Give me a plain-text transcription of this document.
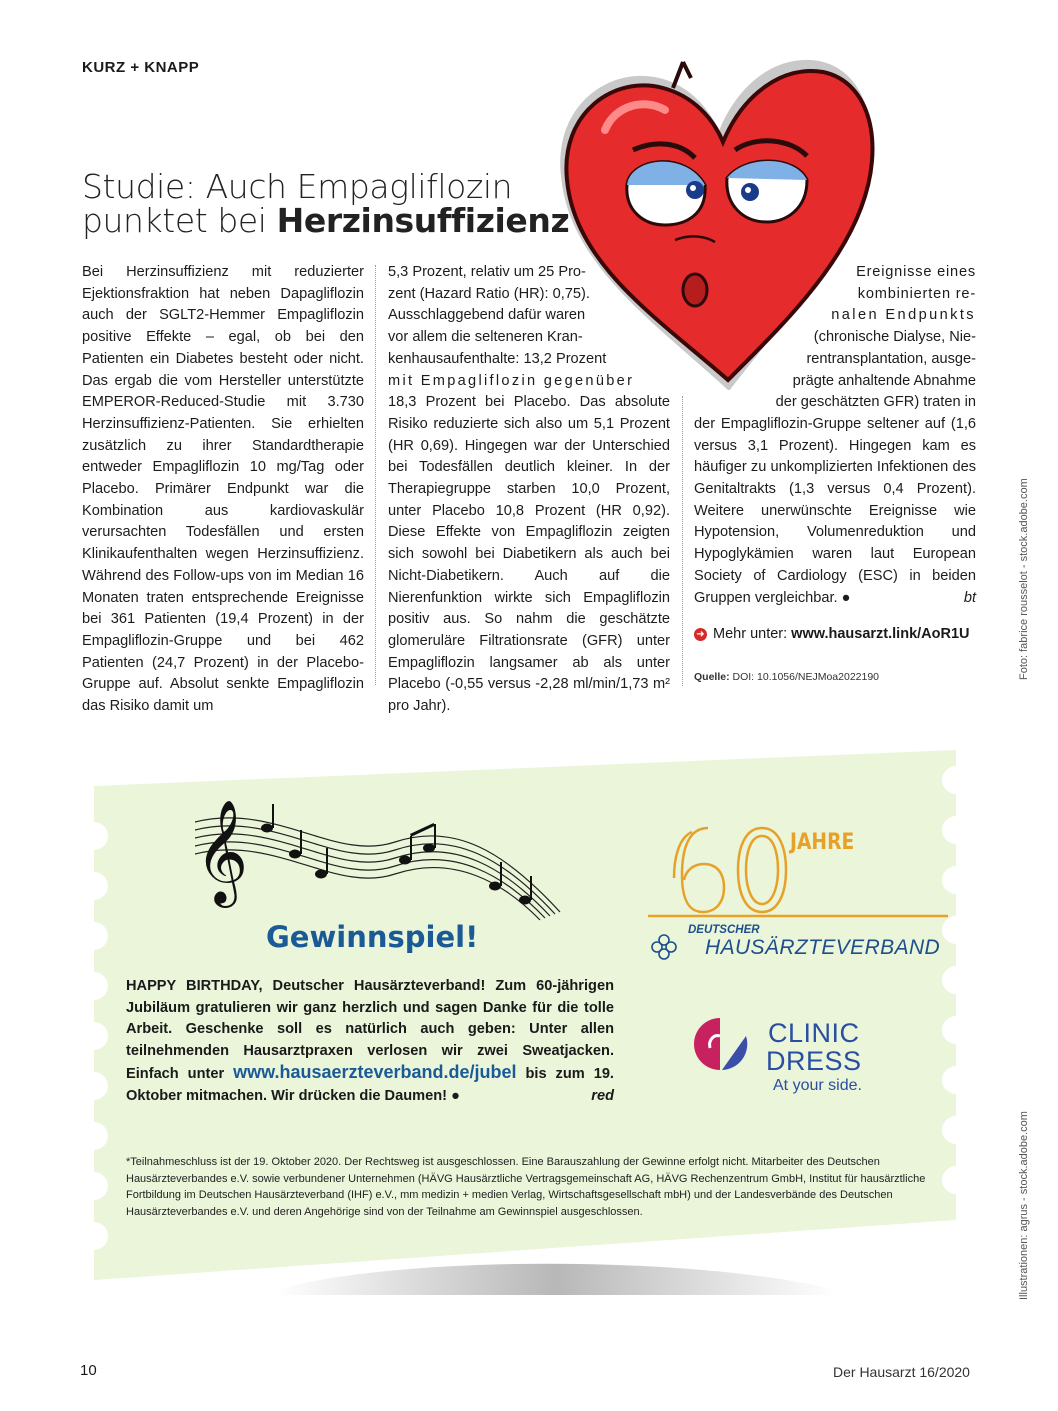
KURZ + KNAPP
Studie: Auch Empagliflozin
punktet bei Herzinsuffizienz
Bei Herzinsuffizienz mit reduzierter Ejektionsfraktion hat neben Dapagliflozin auch der SGLT2-Hemmer Empagliflozin positive Effekte – egal, ob bei den Patienten ein Diabetes besteht oder nicht. Das ergab die vom Hersteller unterstützte EMPEROR-Reduced-Studie mit 3.730 Herzinsuffizienz-Patienten. Sie erhielten zusätzlich zu ihrer Standardtherapie entweder Empagliflozin 10 mg/Tag oder Placebo. Primärer Endpunkt war die Kombination aus kardiovaskulär verursachten Todesfällen und ersten Klinikaufenthalten wegen Herzinsuffizienz. Während des Follow-ups von im Median 16 Monaten traten entsprechende Ereignisse bei 361 Patienten (19,4 Prozent) in der Empagliflozin-Gruppe und bei 462 Patienten (24,7 Prozent) in der Placebo-Gruppe auf. Absolut senkte Empagliflozin das Risiko damit um
5,3 Prozent, relativ um 25 Pro-
zent (Hazard Ratio (HR): 0,75).
Ausschlaggebend dafür waren
vor allem die selteneren Kran-
kenhausaufenthalte: 13,2 Prozent
mit Empagliflozin gegenüber
18,3 Prozent bei Placebo. Das absolute Risiko reduzierte sich also um 5,1 Prozent (HR 0,69). Hingegen war der Unterschied bei Todesfällen deutlich kleiner. In der Therapiegruppe starben 10,0 Prozent, unter Placebo 10,8 Prozent (HR 0,92). Diese Effekte von Empagliflozin zeigten sich sowohl bei Diabetikern als auch bei Nicht-Diabetikern. Auch auf die Nierenfunktion wirkte sich Empagliflozin positiv aus. So nahm die geschätzte glomeruläre Filtrationsrate (GFR) unter Empagliflozin langsamer ab als unter Placebo (-0,55 versus -2,28 ml/min/1,73 m² pro Jahr).
Ereignisse eines
kombinierten re-
nalen Endpunkts
(chronische Dialyse, Nie-
rentransplantation, ausge-
prägte anhaltende Abnahme
der geschätzten GFR) traten in
der Empagliflozin-Gruppe seltener auf (1,6 versus 3,1 Prozent). Hingegen kam es häufiger zu unkomplizierten Infektionen des Genitaltrakts (1,3 versus 0,4 Prozent). Weitere unerwünschte Ereignisse wie Hypotension, Volumenreduktion und Hypoglykämien waren laut European Society of Cardiology (ESC) in beiden Gruppen vergleichbar. ●	bt
➜ Mehr unter: www.hausarzt.link/AoR1U
Quelle: DOI: 10.1056/NEJMoa2022190	Foto: fabrice rousselot - stock.adobe.com
Illustrationen: agrus - stock.adobe.com
𝄞
Gewinnspiel!
HAPPY BIRTHDAY, Deutscher Hausärzteverband! Zum 60-jährigen Jubiläum gratulieren wir ganz herzlich und sagen Danke für die tolle Arbeit. Geschenke soll es natürlich auch geben: Unter allen teilnehmenden Hausarztpraxen verlosen wir zwei Sweatjacken. Einfach unter www.hausaerzteverband.de/jubel bis zum 19. Oktober mitmachen. Wir drücken die Daumen! ●	red
*Teilnahmeschluss ist der 19. Oktober 2020. Der Rechtsweg ist ausgeschlossen. Eine Barauszahlung der Gewinne erfolgt nicht. Mitarbeiter des Deutschen Hausärzteverbandes e.V. sowie verbundener Unternehmen (HÄVG Hausärztliche Vertragsgemeinschaft AG, HÄVG Rechenzentrum GmbH, Institut für hausärztliche Fortbildung im Deutschen Hausärzteverband (IHF) e.V., mm medizin + medien Verlag, Wirtschaftsgesellschaft mbH) und der Landesverbände des Deutschen Hausärzteverbandes e.V. und deren Angehörige sind von der Teilnahme am Gewinnspiel ausgeschlossen.
JAHRE
DEUTSCHER
HAUSÄRZTEVERBAND
CLINIC
DRESS
At your side.
10	Der Hausarzt 16/2020
